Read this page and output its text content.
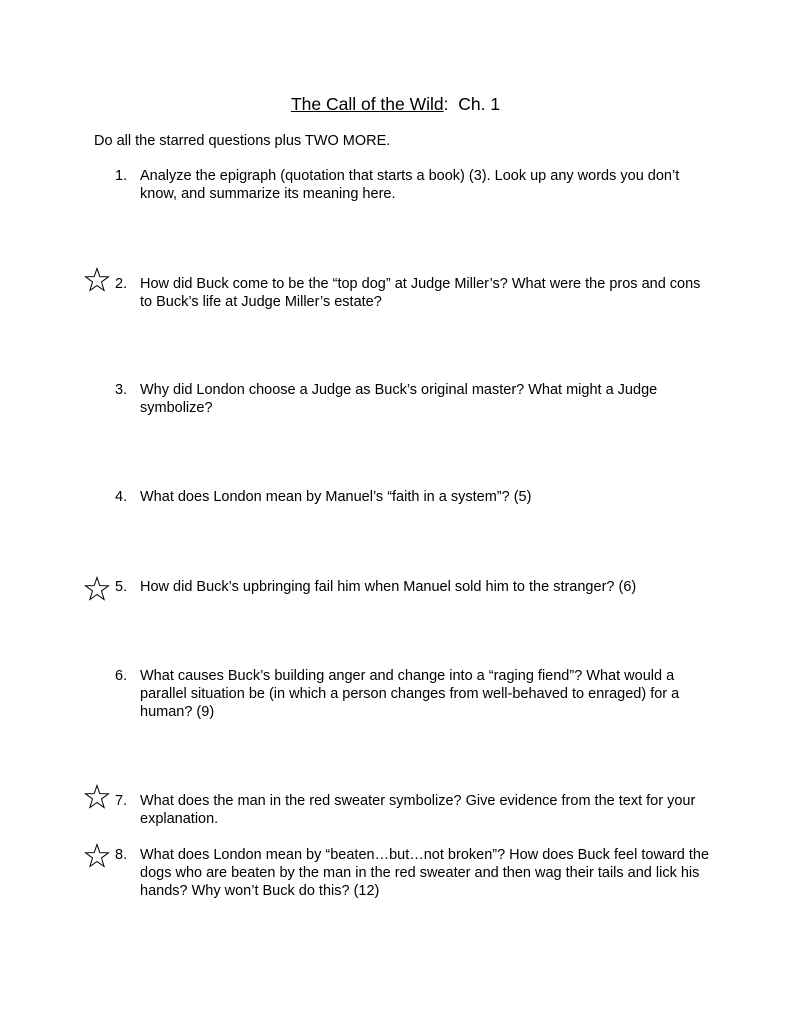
The Call of the Wild:  Ch. 1
Do all the starred questions plus TWO MORE.
1. Analyze the epigraph (quotation that starts a book) (3). Look up any words you don’t know, and summarize its meaning here.
2. How did Buck come to be the “top dog” at Judge Miller’s? What were the pros and cons to Buck’s life at Judge Miller’s estate?
3. Why did London choose a Judge as Buck’s original master? What might a Judge symbolize?
4. What does London mean by Manuel’s “faith in a system”? (5)
5. How did Buck’s upbringing fail him when Manuel sold him to the stranger? (6)
6. What causes Buck’s building anger and change into a “raging fiend”? What would a parallel situation be (in which a person changes from well-behaved to enraged) for a human? (9)
7. What does the man in the red sweater symbolize? Give evidence from the text for your explanation.
8. What does London mean by “beaten…but…not broken”? How does Buck feel toward the dogs who are beaten by the man in the red sweater and then wag their tails and lick his hands? Why won’t Buck do this? (12)
